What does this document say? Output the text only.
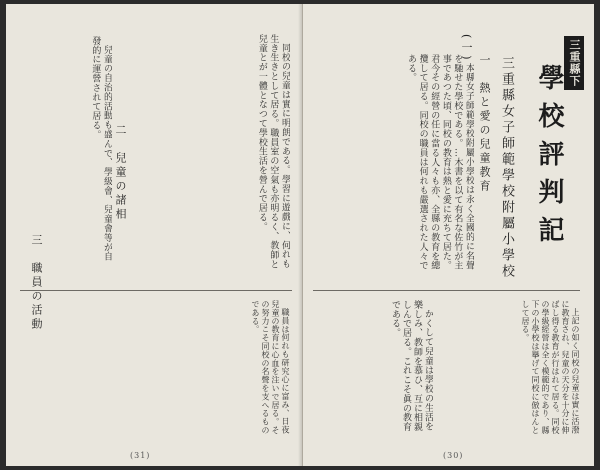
同校の兒童は實に明朗である。學習に遊戲に、何れも生き生きとして居る。職員室の空氣も亦明るく、教師と兒童とが一體となつて學校生活を營んで居る。

二　兒童の諸相

兒童の自治的活動も盛んで、學級會、兒童會等が自發的に運營されて居る。

三　職員の活動

職員は何れも研究心に富み、日夜兒童の教育に心血を注いで居る。その努力こそ同校の名聲を支へるものである。

(31)
三重縣下
學校評判記
三重縣女子師範學校附屬小學校
(一)

本縣女子師範學校附屬小學校は永く全國的に名聲を馳せた學校である。…木書を以て有名な佐竹が主事であつた頃、同校の教育は熱と愛に充ちて居た。君今その經營の任に當る人々も亦、全縣の教育を總攬して居る。同校の職員は何れも嚴選された人々である。	一　熱と愛の兒童教育

上記の如く同校の兒童は實に活潑に教育され、兒童の天分を十分に伸ばし得る教育が行はれて居る。同校の學級經營は全く模範的であり、縣下の小學校は擧げて同校に倣はんとして居る。

かくして兒童は學校の生活を樂しみ、教師を慕ひ、互に相親しんで居る。これこそ眞の教育である。

(30)
